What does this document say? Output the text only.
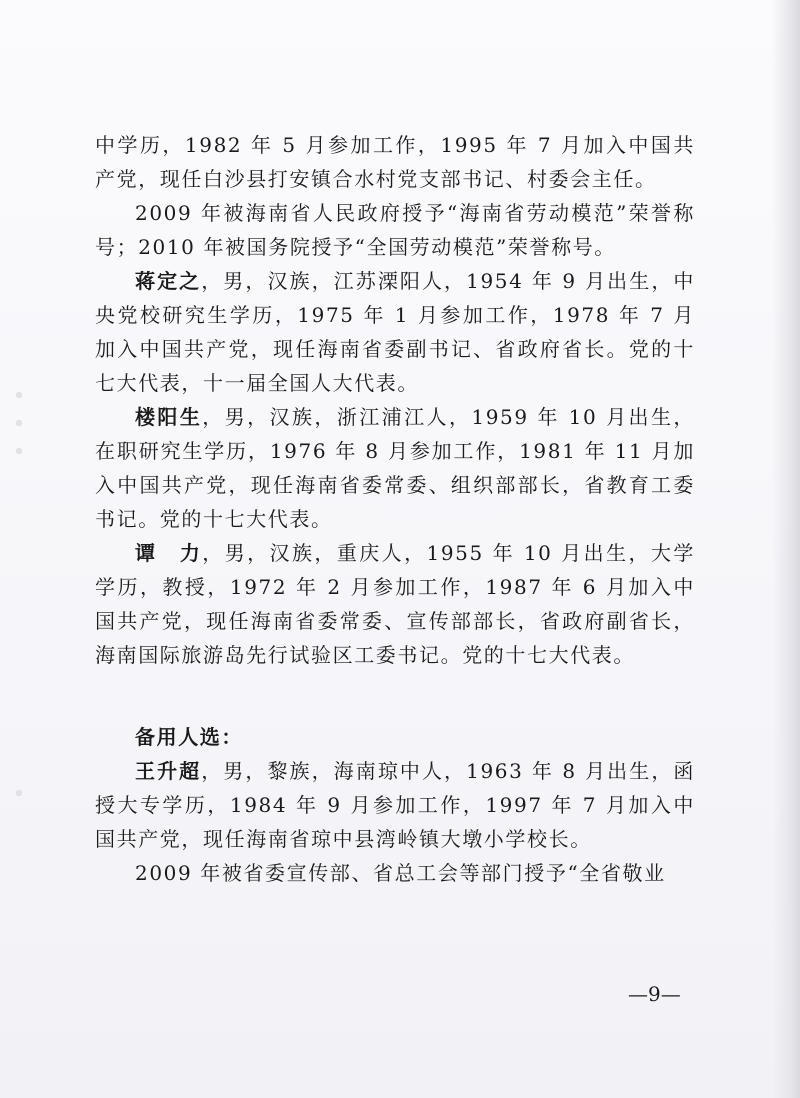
中学历，1982 年 5 月参加工作，1995 年 7 月加入中国共产党，现任白沙县打安镇合水村党支部书记、村委会主任。

2009 年被海南省人民政府授予“海南省劳动模范”荣誉称号；2010 年被国务院授予“全国劳动模范”荣誉称号。

蒋定之，男，汉族，江苏溧阳人，1954 年 9 月出生，中央党校研究生学历，1975 年 1 月参加工作，1978 年 7 月加入中国共产党，现任海南省委副书记、省政府省长。党的十七大代表，十一届全国人大代表。

楼阳生，男，汉族，浙江浦江人，1959 年 10 月出生，在职研究生学历，1976 年 8 月参加工作，1981 年 11 月加入中国共产党，现任海南省委常委、组织部部长，省教育工委书记。党的十七大代表。

谭　力，男，汉族，重庆人，1955 年 10 月出生，大学学历，教授，1972 年 2 月参加工作，1987 年 6 月加入中国共产党，现任海南省委常委、宣传部部长，省政府副省长，海南国际旅游岛先行试验区工委书记。党的十七大代表。

备用人选：

王升超，男，黎族，海南琼中人，1963 年 8 月出生，函授大专学历，1984 年 9 月参加工作，1997 年 7 月加入中国共产党，现任海南省琼中县湾岭镇大墩小学校长。

2009 年被省委宣传部、省总工会等部门授予“全省敬业

—9—
